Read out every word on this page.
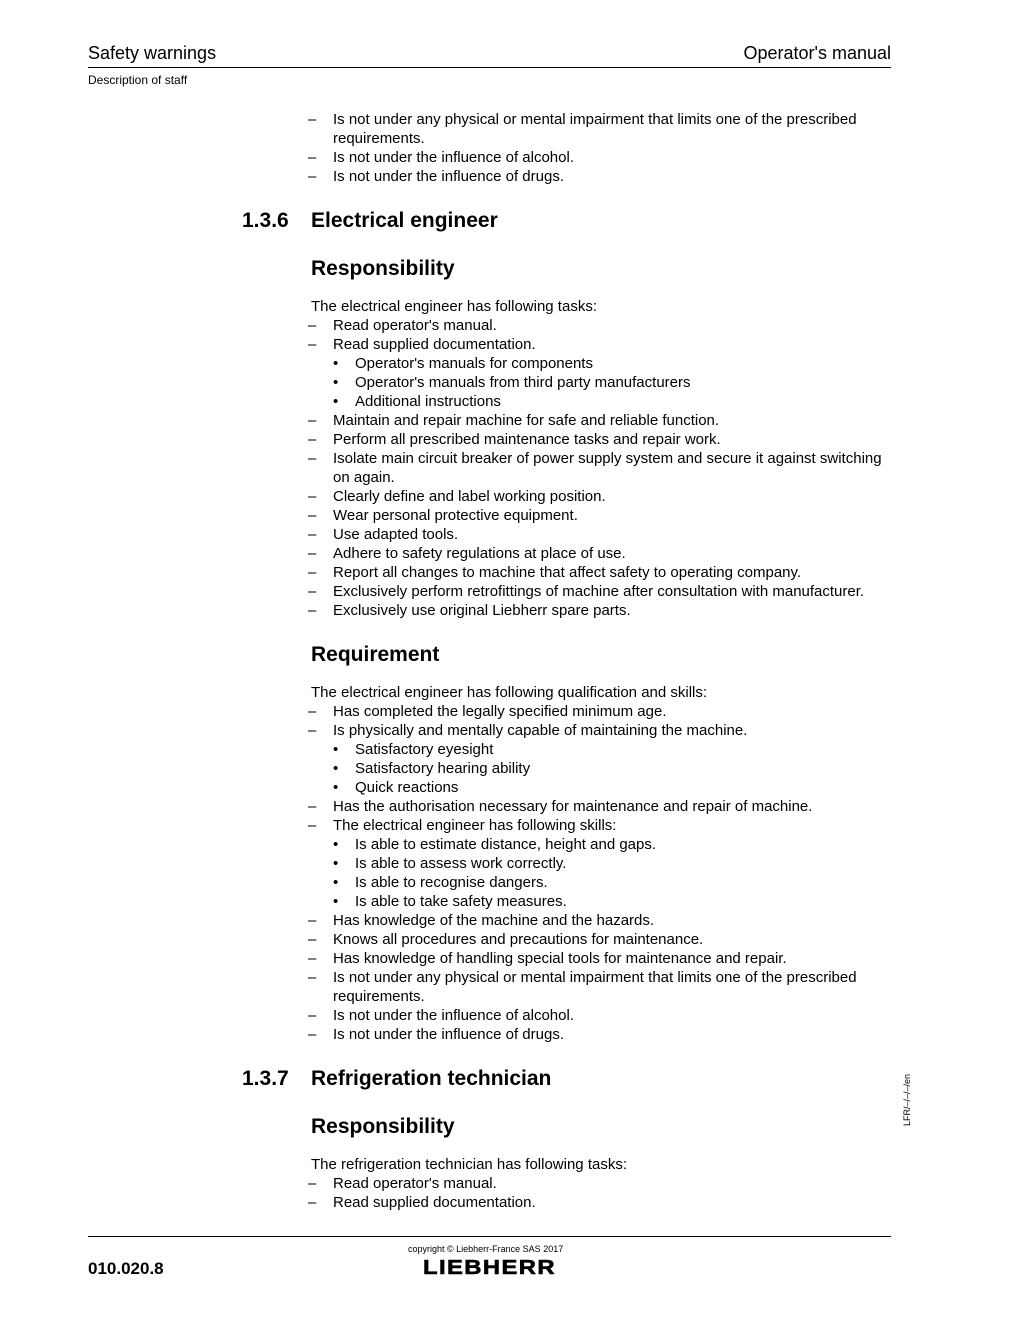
Safety warnings	Operator's manual
Description of staff
– Is not under any physical or mental impairment that limits one of the prescribed requirements.
– Is not under the influence of alcohol.
– Is not under the influence of drugs.
1.3.6	Electrical engineer
Responsibility
The electrical engineer has following tasks:
– Read operator's manual.
– Read supplied documentation.
• Operator's manuals for components
• Operator's manuals from third party manufacturers
• Additional instructions
– Maintain and repair machine for safe and reliable function.
– Perform all prescribed maintenance tasks and repair work.
– Isolate main circuit breaker of power supply system and secure it against switching on again.
– Clearly define and label working position.
– Wear personal protective equipment.
– Use adapted tools.
– Adhere to safety regulations at place of use.
– Report all changes to machine that affect safety to operating company.
– Exclusively perform retrofittings of machine after consultation with manufacturer.
– Exclusively use original Liebherr spare parts.
Requirement
The electrical engineer has following qualification and skills:
– Has completed the legally specified minimum age.
– Is physically and mentally capable of maintaining the machine.
• Satisfactory eyesight
• Satisfactory hearing ability
• Quick reactions
– Has the authorisation necessary for maintenance and repair of machine.
– The electrical engineer has following skills:
• Is able to estimate distance, height and gaps.
• Is able to assess work correctly.
• Is able to recognise dangers.
• Is able to take safety measures.
– Has knowledge of the machine and the hazards.
– Knows all procedures and precautions for maintenance.
– Has knowledge of handling special tools for maintenance and repair.
– Is not under any physical or mental impairment that limits one of the prescribed requirements.
– Is not under the influence of alcohol.
– Is not under the influence of drugs.
1.3.7	Refrigeration technician
Responsibility
The refrigeration technician has following tasks:
– Read operator's manual.
– Read supplied documentation.
LFR/–/–/–/en
copyright © Liebherr-France SAS 2017
010.020.8	LIEBHERR
